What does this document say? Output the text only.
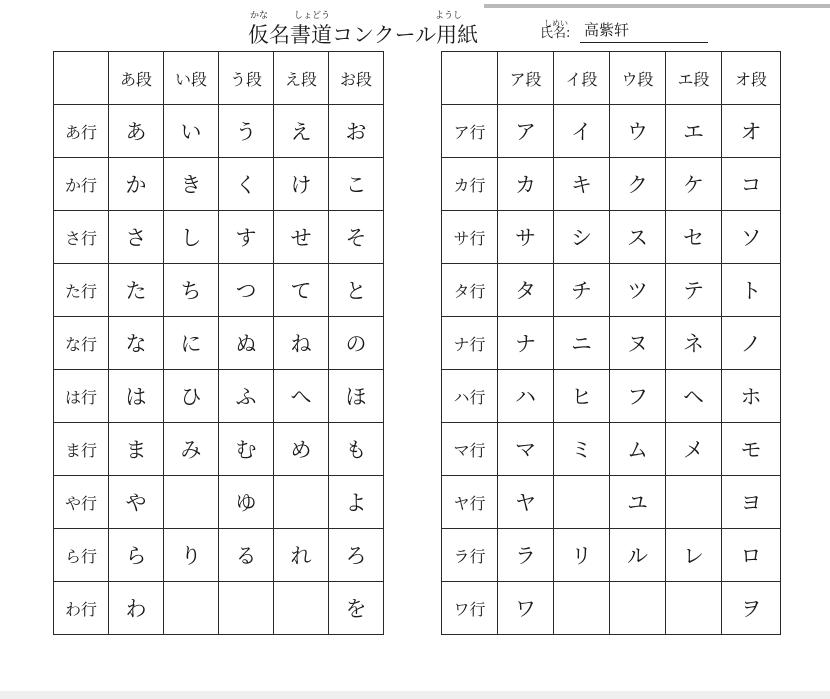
かな	しょどう	ようし
仮名書道コンクール用紙	しめい
氏名: 高紫轩
	あ段	い段	う段	え段	お段
あ行	あ	い	う	え	お
か行	か	き	く	け	こ
さ行	さ	し	す	せ	そ
た行	た	ち	つ	て	と
な行	な	に	ぬ	ね	の
は行	は	ひ	ふ	へ	ほ
ま行	ま	み	む	め	も
や行	や		ゆ		よ
ら行	ら	り	る	れ	ろ
わ行	わ				を
	ア段	イ段	ウ段	エ段	オ段
ア行	ア	イ	ウ	エ	オ
カ行	カ	キ	ク	ケ	コ
サ行	サ	シ	ス	セ	ソ
タ行	タ	チ	ツ	テ	ト
ナ行	ナ	ニ	ヌ	ネ	ノ
ハ行	ハ	ヒ	フ	ヘ	ホ
マ行	マ	ミ	ム	メ	モ
ヤ行	ヤ		ユ		ヨ
ラ行	ラ	リ	ル	レ	ロ
ワ行	ワ				ヲ
